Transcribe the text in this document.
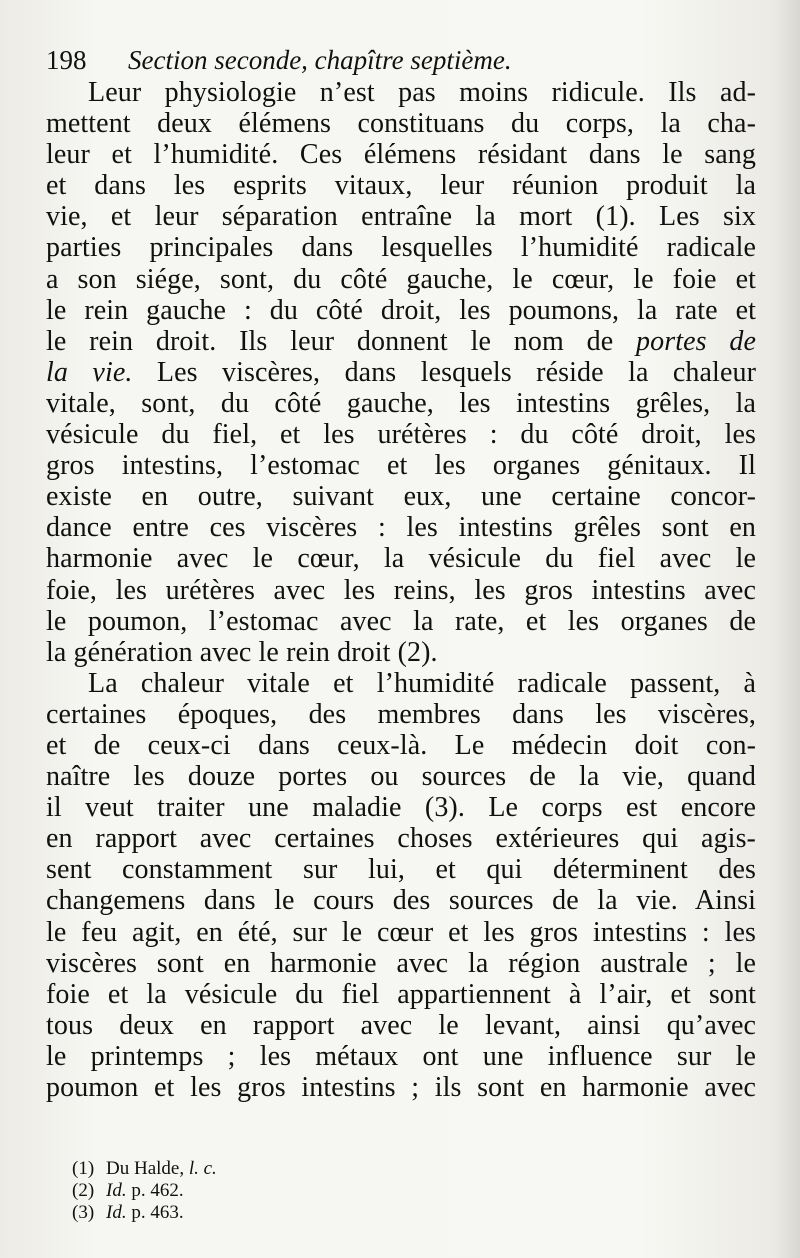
198 Section seconde, chapître septième.
Leur physiologie n’est pas moins ridicule. Ils ad-
mettent deux élémens constituans du corps, la cha-
leur et l’humidité. Ces élémens résidant dans le sang
et dans les esprits vitaux, leur réunion produit la
vie, et leur séparation entraîne la mort (1). Les six
parties principales dans lesquelles l’humidité radicale
a son siége, sont, du côté gauche, le cœur, le foie et
le rein gauche : du côté droit, les poumons, la rate et
le rein droit. Ils leur donnent le nom de portes de
la vie. Les viscères, dans lesquels réside la chaleur
vitale, sont, du côté gauche, les intestins grêles, la
vésicule du fiel, et les urétères : du côté droit, les
gros intestins, l’estomac et les organes génitaux. Il
existe en outre, suivant eux, une certaine concor-
dance entre ces viscères : les intestins grêles sont en
harmonie avec le cœur, la vésicule du fiel avec le
foie, les urétères avec les reins, les gros intestins avec
le poumon, l’estomac avec la rate, et les organes de
la génération avec le rein droit (2).
La chaleur vitale et l’humidité radicale passent, à
certaines époques, des membres dans les viscères,
et de ceux-ci dans ceux-là. Le médecin doit con-
naître les douze portes ou sources de la vie, quand
il veut traiter une maladie (3). Le corps est encore
en rapport avec certaines choses extérieures qui agis-
sent constamment sur lui, et qui déterminent des
changemens dans le cours des sources de la vie. Ainsi
le feu agit, en été, sur le cœur et les gros intestins : les
viscères sont en harmonie avec la région australe ; le
foie et la vésicule du fiel appartiennent à l’air, et sont
tous deux en rapport avec le levant, ainsi qu’avec
le printemps ; les métaux ont une influence sur le
poumon et les gros intestins ; ils sont en harmonie avec
(1) Du Halde, l. c.
(2) Id. p. 462.
(3) Id. p. 463.
